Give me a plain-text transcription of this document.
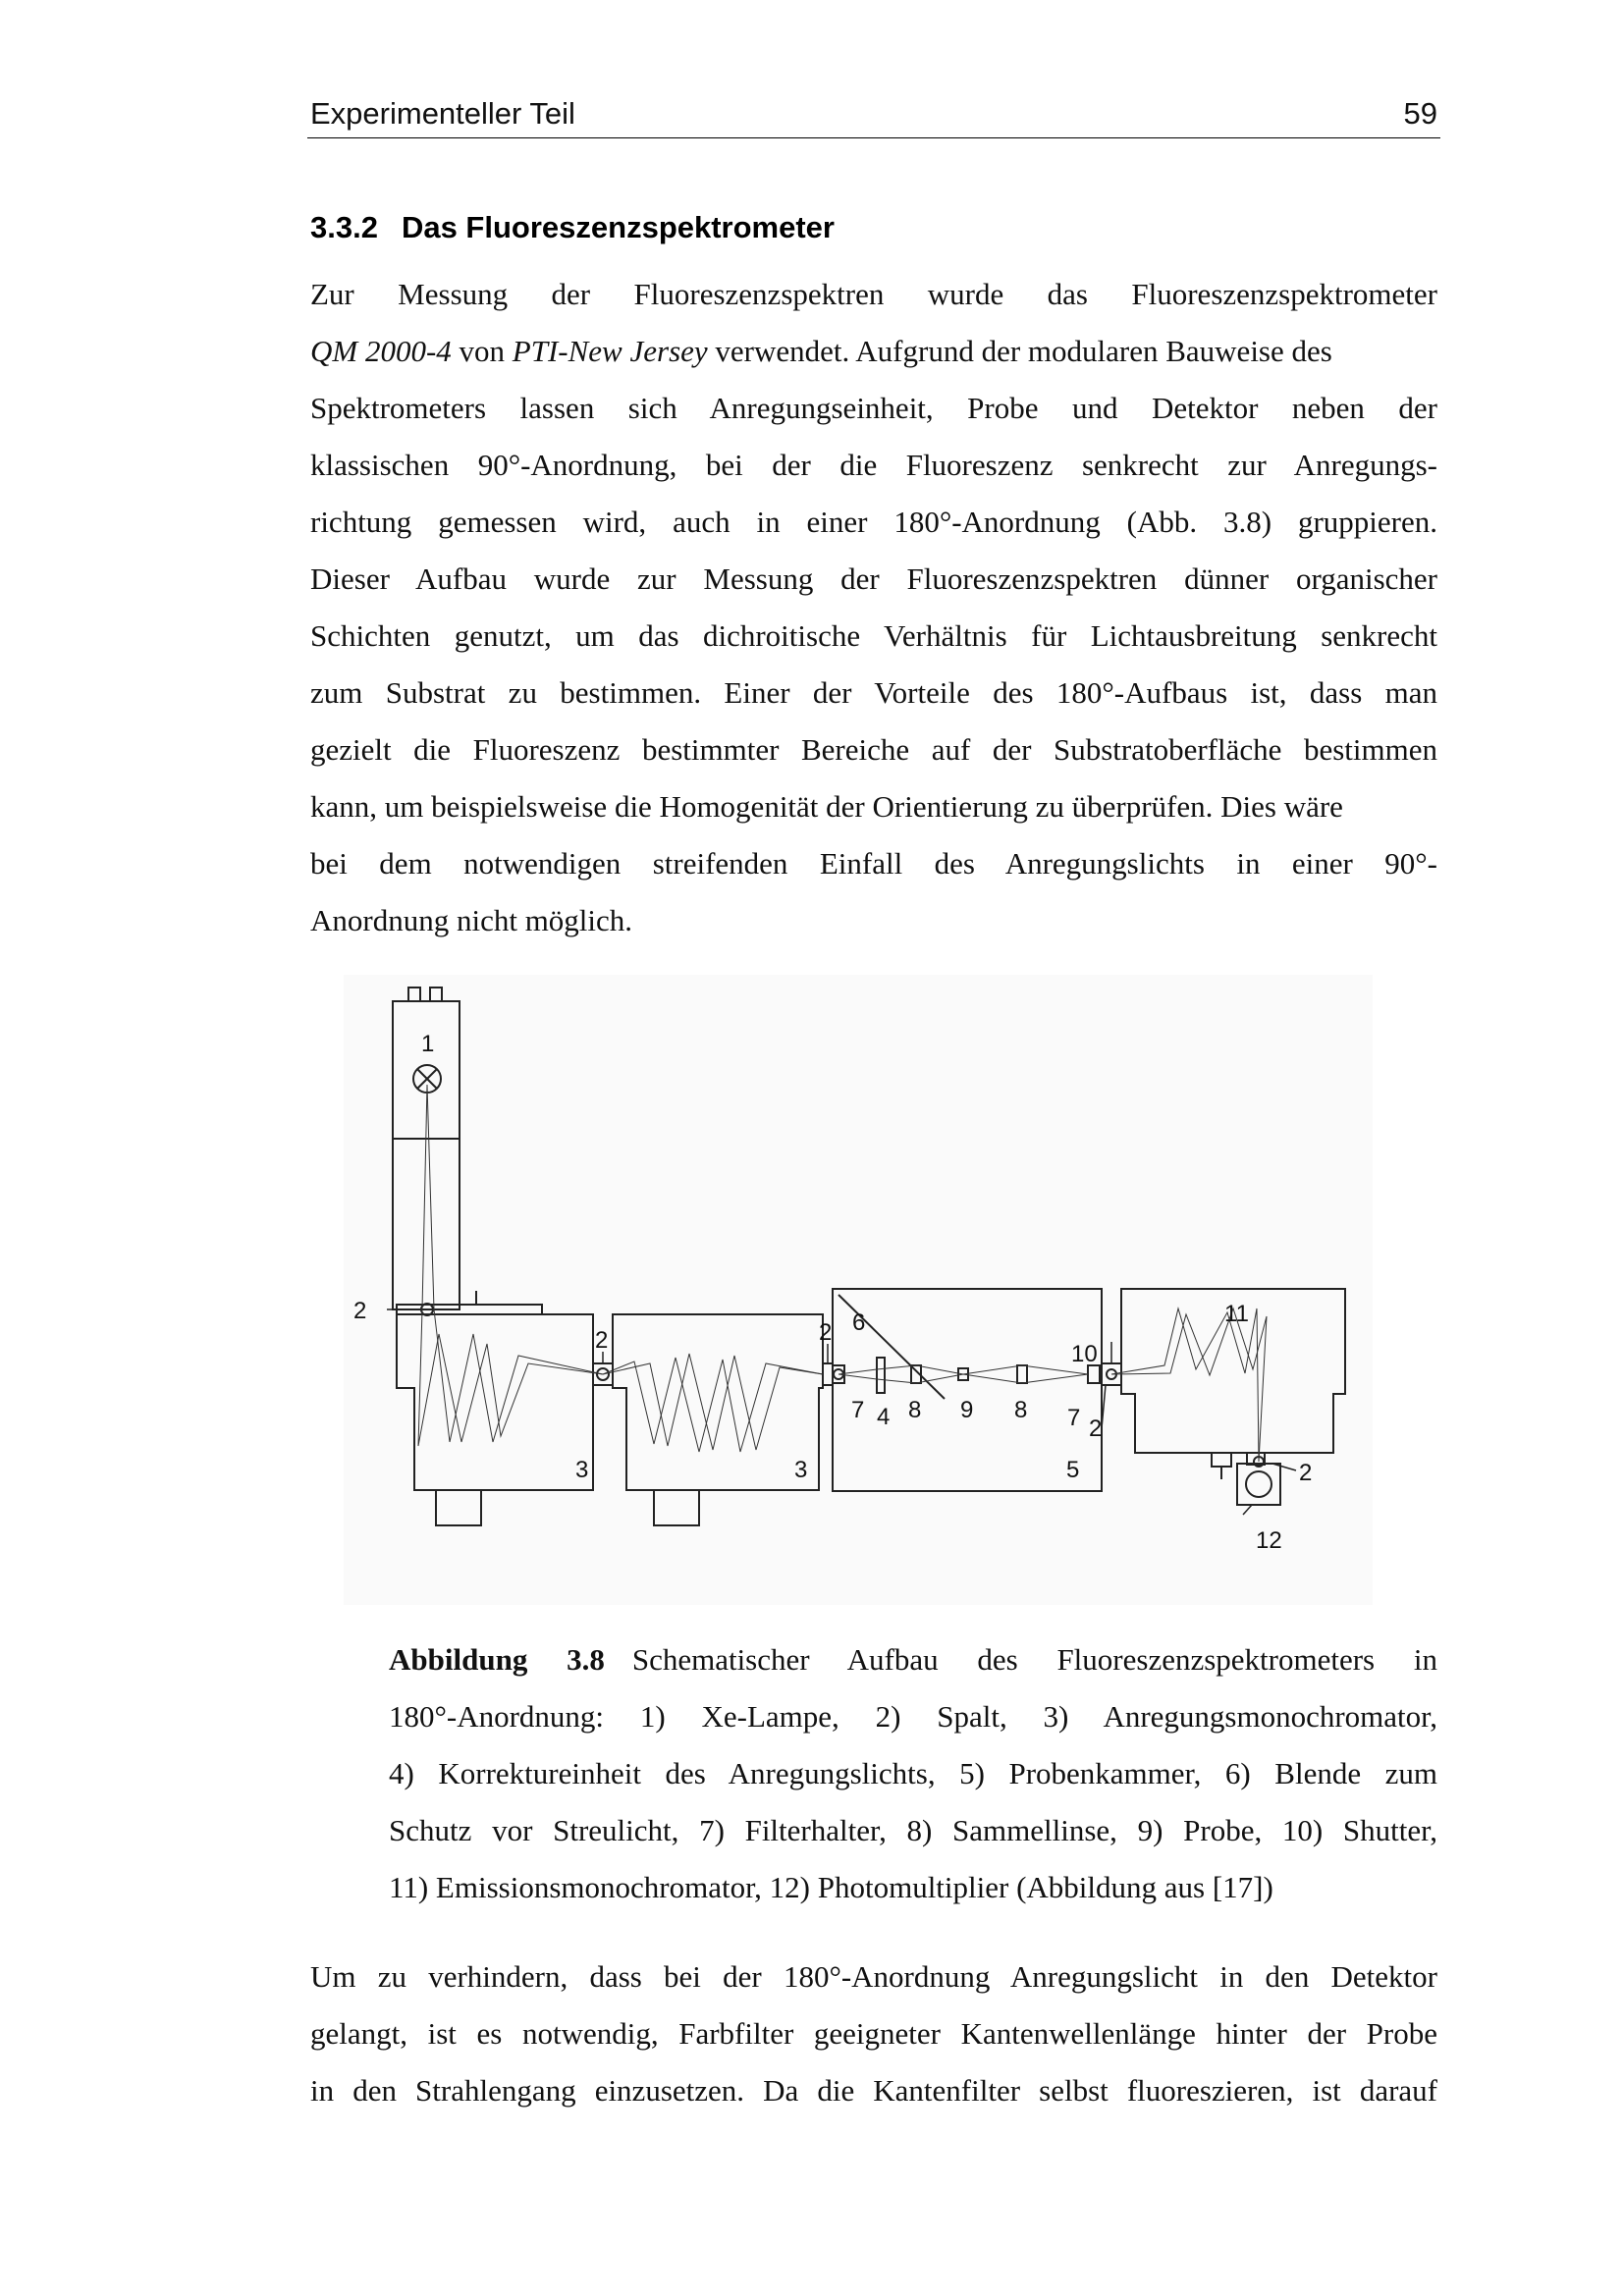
Experimenteller Teil	59
3.3.2 Das Fluoreszenzspektrometer
Zur Messung der Fluoreszenzspektren wurde das Fluoreszenzspektrometer
QM 2000-4 von PTI-New Jersey verwendet. Aufgrund der modularen Bauweise des
Spektrometers lassen sich Anregungseinheit, Probe und Detektor neben der
klassischen 90°-Anordnung, bei der die Fluoreszenz senkrecht zur Anregungs-
richtung gemessen wird, auch in einer 180°-Anordnung (Abb. 3.8) gruppieren.
Dieser Aufbau wurde zur Messung der Fluoreszenzspektren dünner organischer
Schichten genutzt, um das dichroitische Verhältnis für Lichtausbreitung senkrecht
zum Substrat zu bestimmen. Einer der Vorteile des 180°-Aufbaus ist, dass man
gezielt die Fluoreszenz bestimmter Bereiche auf der Substratoberfläche bestimmen
kann, um beispielsweise die Homogenität der Orientierung zu überprüfen. Dies wäre
bei dem notwendigen streifenden Einfall des Anregungslichts in einer 90°-
Anordnung nicht möglich.
1
2
2	2
2
2
3	3
4
5
6
7	7
8	8
9
10
11
12
Abbildung 3.8 Schematischer Aufbau des Fluoreszenzspektrometers in
180°-Anordnung: 1) Xe-Lampe, 2) Spalt, 3) Anregungsmonochromator,
4) Korrektureinheit des Anregungslichts, 5) Probenkammer, 6) Blende zum
Schutz vor Streulicht, 7) Filterhalter, 8) Sammellinse, 9) Probe, 10) Shutter,
11) Emissionsmonochromator, 12) Photomultiplier (Abbildung aus [17])
Um zu verhindern, dass bei der 180°-Anordnung Anregungslicht in den Detektor
gelangt, ist es notwendig, Farbfilter geeigneter Kantenwellenlänge hinter der Probe
in den Strahlengang einzusetzen. Da die Kantenfilter selbst fluoreszieren, ist darauf
